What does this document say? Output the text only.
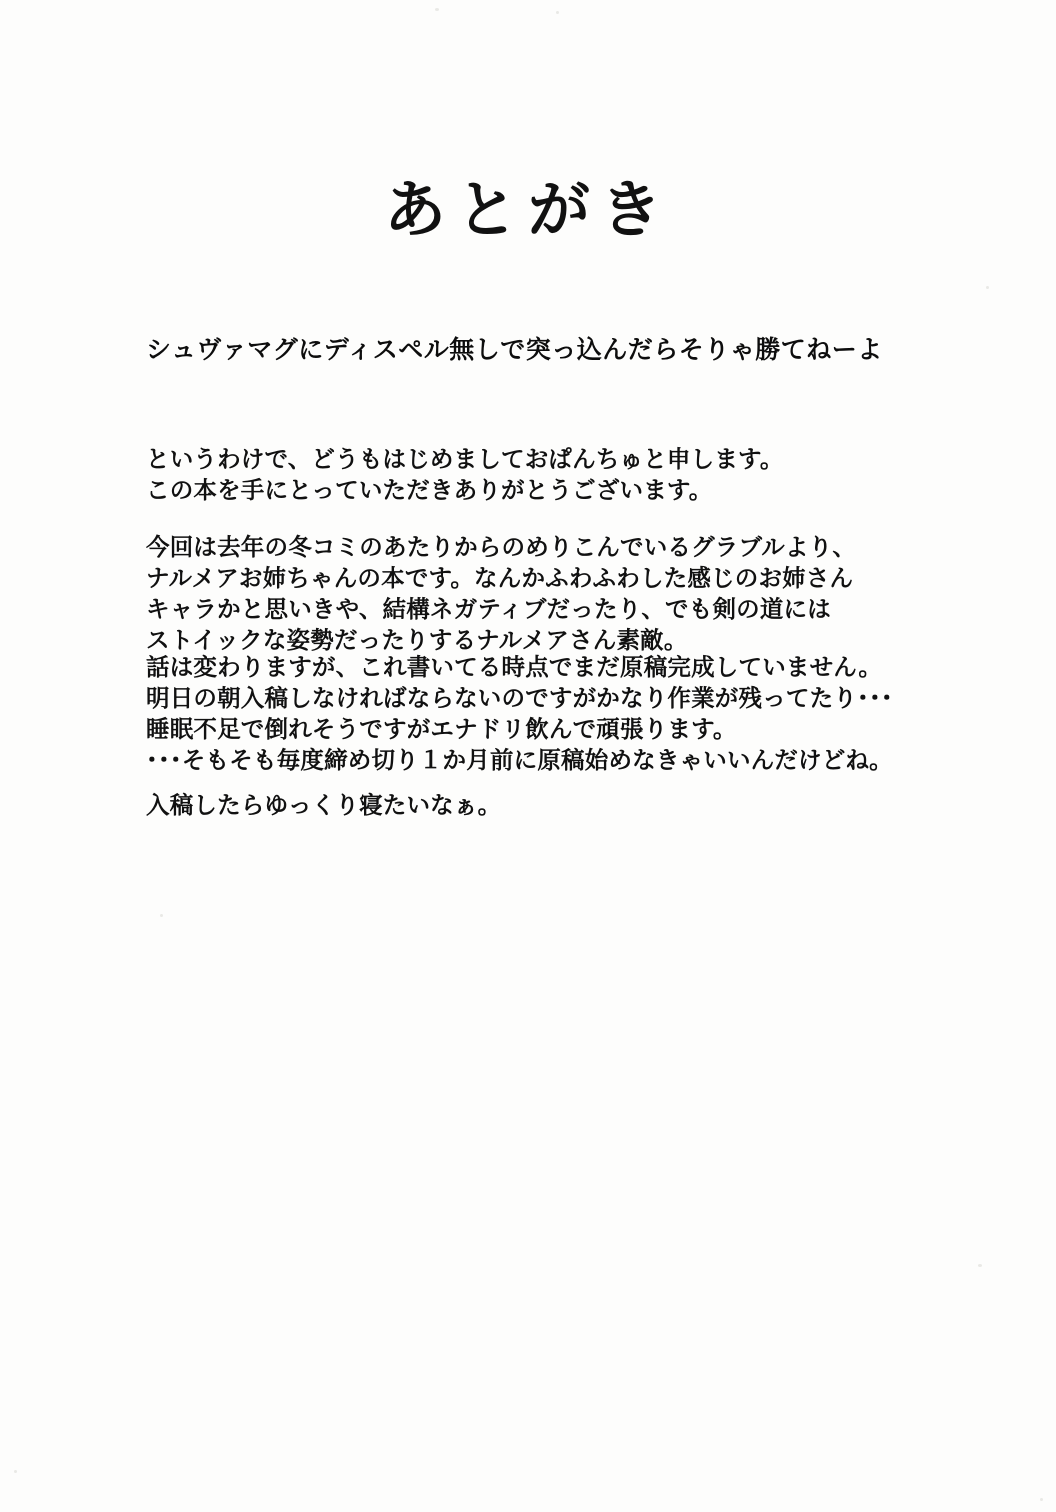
あとがき
シュヴァマグにディスペル無しで突っ込んだらそりゃ勝てねーよ

というわけで、どうもはじめましておぱんちゅと申します。

この本を手にとっていただきありがとうございます。

今回は去年の冬コミのあたりからのめりこんでいるグラブルより、

ナルメアお姉ちゃんの本です。なんかふわふわした感じのお姉さん

キャラかと思いきや、結構ネガティブだったり、でも剣の道には

ストイックな姿勢だったりするナルメアさん素敵。

話は変わりますが、これ書いてる時点でまだ原稿完成していません。

明日の朝入稿しなければならないのですがかなり作業が残ってたり･･･

睡眠不足で倒れそうですがエナドリ飲んで頑張ります。

･･･そもそも毎度締め切り１か月前に原稿始めなきゃいいんだけどね。

入稿したらゆっくり寝たいなぁ。
